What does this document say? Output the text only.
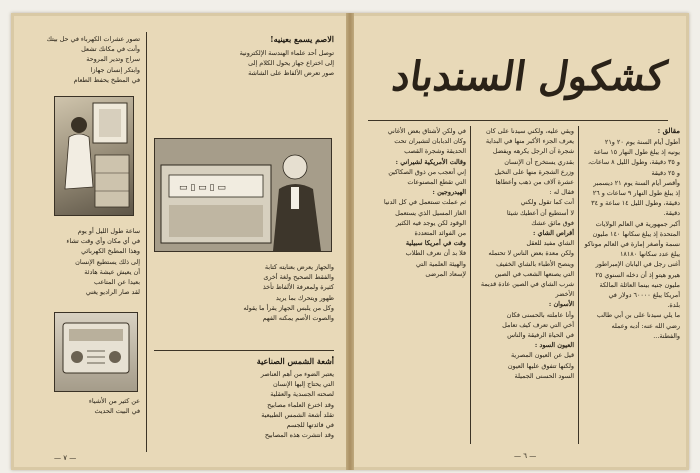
تصور عشرات الكهرباء في حل بيتك
وأنت في مكانك تشعل
سراج وتدير المروحة
وابتكر إنسان جهازا
في المطبخ يحفظ الطعام
ساعة طول الليل أو يوم
في أي مكان وأي وقت تشاء
وهذا المطبخ الكهربائي
إلى ذلك يستطيع الإنسان
أن يعيش عيشة هادئة
بعيدا عن المتاعب
لقد صار الراديو يغني
عن كثير من الأشياء
في البيت الحديث
الاصم يسمع بعينيه!
توصل أحد علماء الهندسة الإلكترونية
إلى اختراع جهاز يحول الكلام إلى
صور تعرض الألفاظ على الشاشة
▭ ▯ ▭ ▯ ▭
والجهاز يعرض بعنايته كتابة
والفقط الصحيح ولغة أخرى
كثيرة ولمعرفة الألفاظ تأخذ
ظهور ويتحرك بما يريد
وكل من يلبس الجهاز يقرأ ما يقوله
والصوت الأصم يمكنه الفهم
أشعة الشمس الصناعية
يعتبر الضوء من أهم العناصر
التي يحتاج إليها الإنسان
لصحته الجسدية والعقلية
وقد اخترع العلماء مصابيح
تقلد أشعة الشمس الطبيعية
في فائدتها للجسم
وقد انتشرت هذه المصابيح
— ٧ —
كشكول السندباد
مقالق :
أطول أيام السنة يوم ٢٠ و٢١
يونيه إذ يبلغ طول النهار ١٥ ساعة
و ٣٥ دقيقة، وطول الليل ٨ ساعات،
و ٢٥ دقيقة
وأقصر أيام السنة يوم ٢١ ديسمبر
إذ يبلغ طول النهار ٩ ساعات و ٢٦
دقيقة، وطول الليل ١٤ ساعة و ٣٤
دقيقة.
أكبر جمهورية في العالم الولايات
المتحدة إذ يبلغ سكانها ١٤٠ مليون
نسمة وأصغر إمارة في العالم موناكو
يبلغ عدد سكانها ١٨١٨٠
أغنى رجل في اليابان الإمبراطور
هيرو هيتو إذ أن دخله السنوي ٢٥
مليون جنيه بينما العائلة المالكة
أمريكا يبلغ ٦٠٠٠٠ دولار في
بلدة.
ما يلي سيدنا على بن أبي طالب
رضي الله عنه: أدبه وعمله
والفطنة...
ويقي عليه، ولكني سيدنا على كان
يعرف الجزء الأكبر منها في البداية
شجرة آن الرجل يكرهه ويفضل
بقدري يستخرج أن الإنسان
وزرع الشجرة منها على النخيل
عشرة آلاف من ذهب وأعطاها
فقال له :
أنت كما تقول ولكني
لا أستطيع أن أعطيك شيئا
فوق مائق عشك
أقراص الشاي :
الشاي مفيد للعقل
ولكن معدة بعض الناس لا تحتمله
وينصح الأطباء بالشاي الخفيف
التي يصنعها الشعب في الصين
شرب الشاي في الصين عادة قديمة
الأخضر
الأسوان :
وأنا عاملته بالحسنى فكان
أخي التي تعرف كيف تعامل
في الحياة الرفيقة والناس
العيون السود :
قيل عن العيون المصرية
ولكنها تتفوق عليها العيون
السود الحسنى الجميلة
في ولكن لأشتاق بعض الأغاني
وكان الدبابان لتشيران تحت
الحديقة وشجرة القصب
وقالت الأمريكية لشيراني :
إني أتعجب من ذوق الصكاكين
التي تقطع المصنوعات
الهيدروجين :
ثم عملت تستعمل في كل الدنيا
الغاز المسيل الذي يستعمل
الوقود لكن يوجد فيه الكثير
من الفوائد المتعددة
وقت في أمريكا سبيلية
فلا بد أن نعرف الطلاب
والهيئة العلمية التي
لإسعاد المرضى
— ٦ —
